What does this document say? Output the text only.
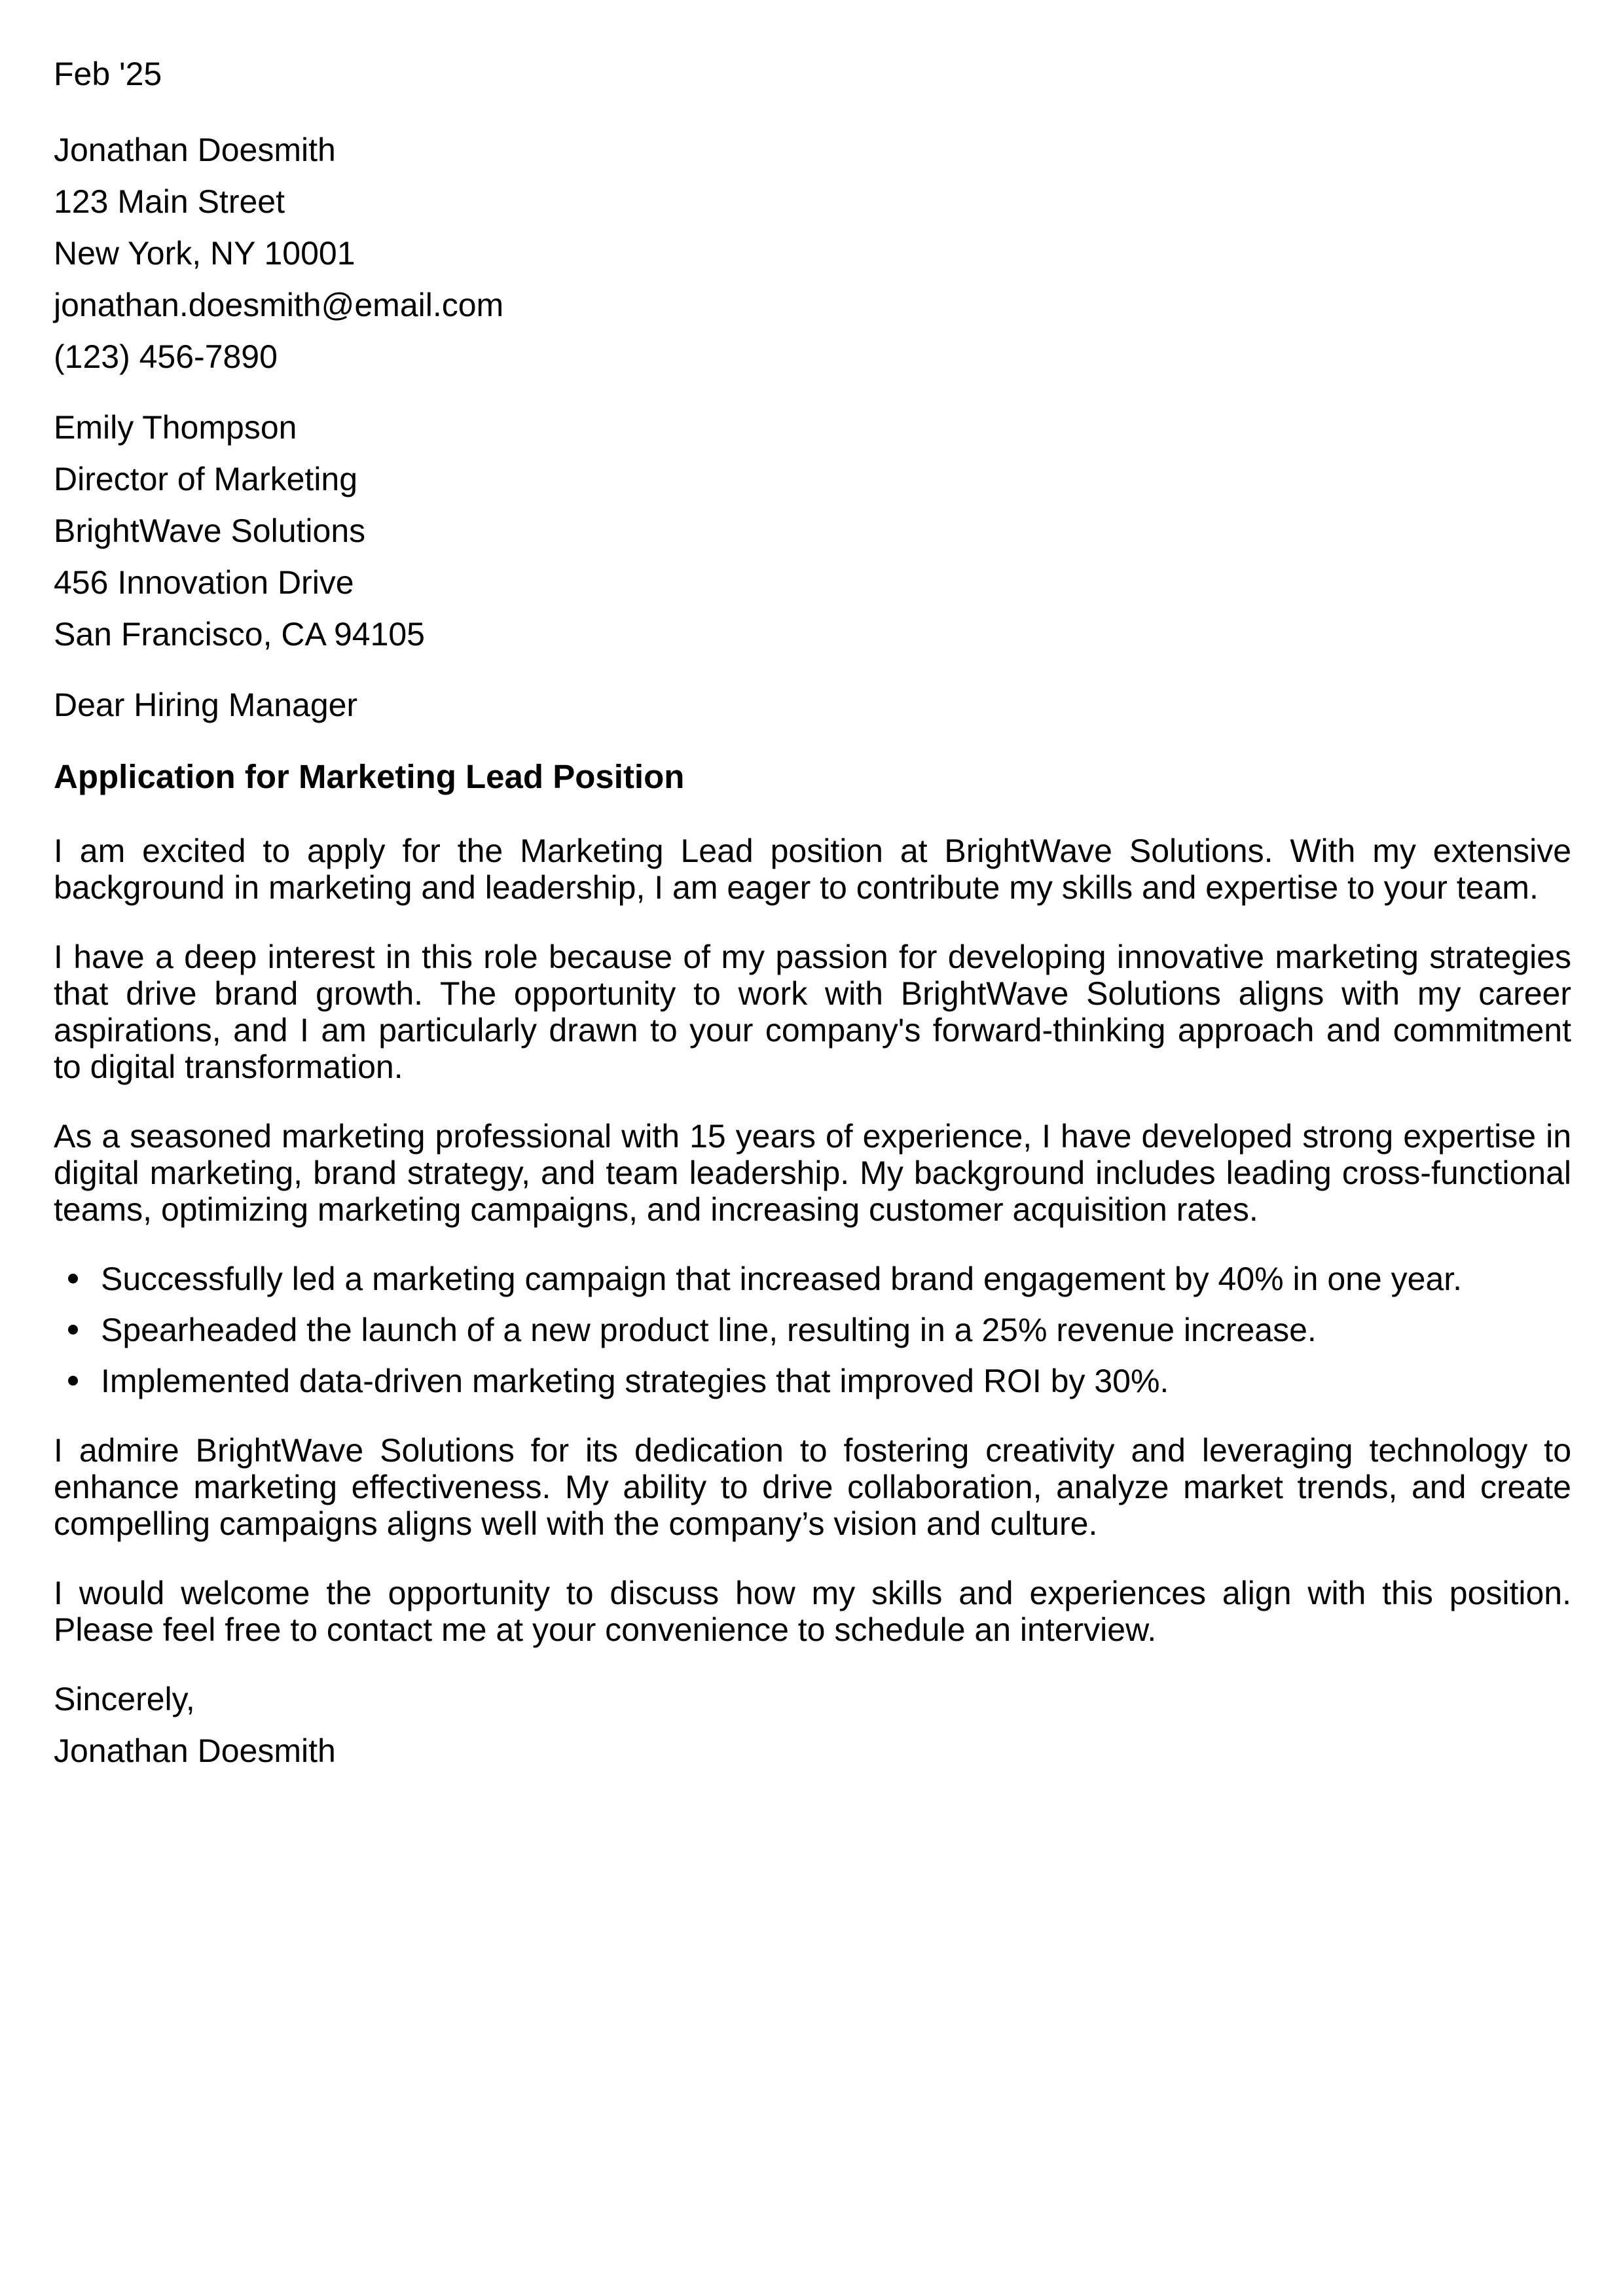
Feb '25

Jonathan Doesmith

123 Main Street

New York, NY 10001

jonathan.doesmith@email.com

(123) 456-7890

Emily Thompson

Director of Marketing

BrightWave Solutions

456 Innovation Drive

San Francisco, CA 94105

Dear Hiring Manager

Application for Marketing Lead Position

I am excited to apply for the Marketing Lead position at BrightWave Solutions. With my extensive background in marketing and leadership, I am eager to contribute my skills and expertise to your team.

I have a deep interest in this role because of my passion for developing innovative marketing strategies that drive brand growth. The opportunity to work with BrightWave Solutions aligns with my career aspirations, and I am particularly drawn to your company's forward-thinking approach and commitment to digital transformation.

As a seasoned marketing professional with 15 years of experience, I have developed strong expertise in digital marketing, brand strategy, and team leadership. My background includes leading cross-functional teams, optimizing marketing campaigns, and increasing customer acquisition rates.

Successfully led a marketing campaign that increased brand engagement by 40% in one year.
Spearheaded the launch of a new product line, resulting in a 25% revenue increase.
Implemented data-driven marketing strategies that improved ROI by 30%.

I admire BrightWave Solutions for its dedication to fostering creativity and leveraging technology to enhance marketing effectiveness. My ability to drive collaboration, analyze market trends, and create compelling campaigns aligns well with the company’s vision and culture.

I would welcome the opportunity to discuss how my skills and experiences align with this position. Please feel free to contact me at your convenience to schedule an interview.

Sincerely,

Jonathan Doesmith
